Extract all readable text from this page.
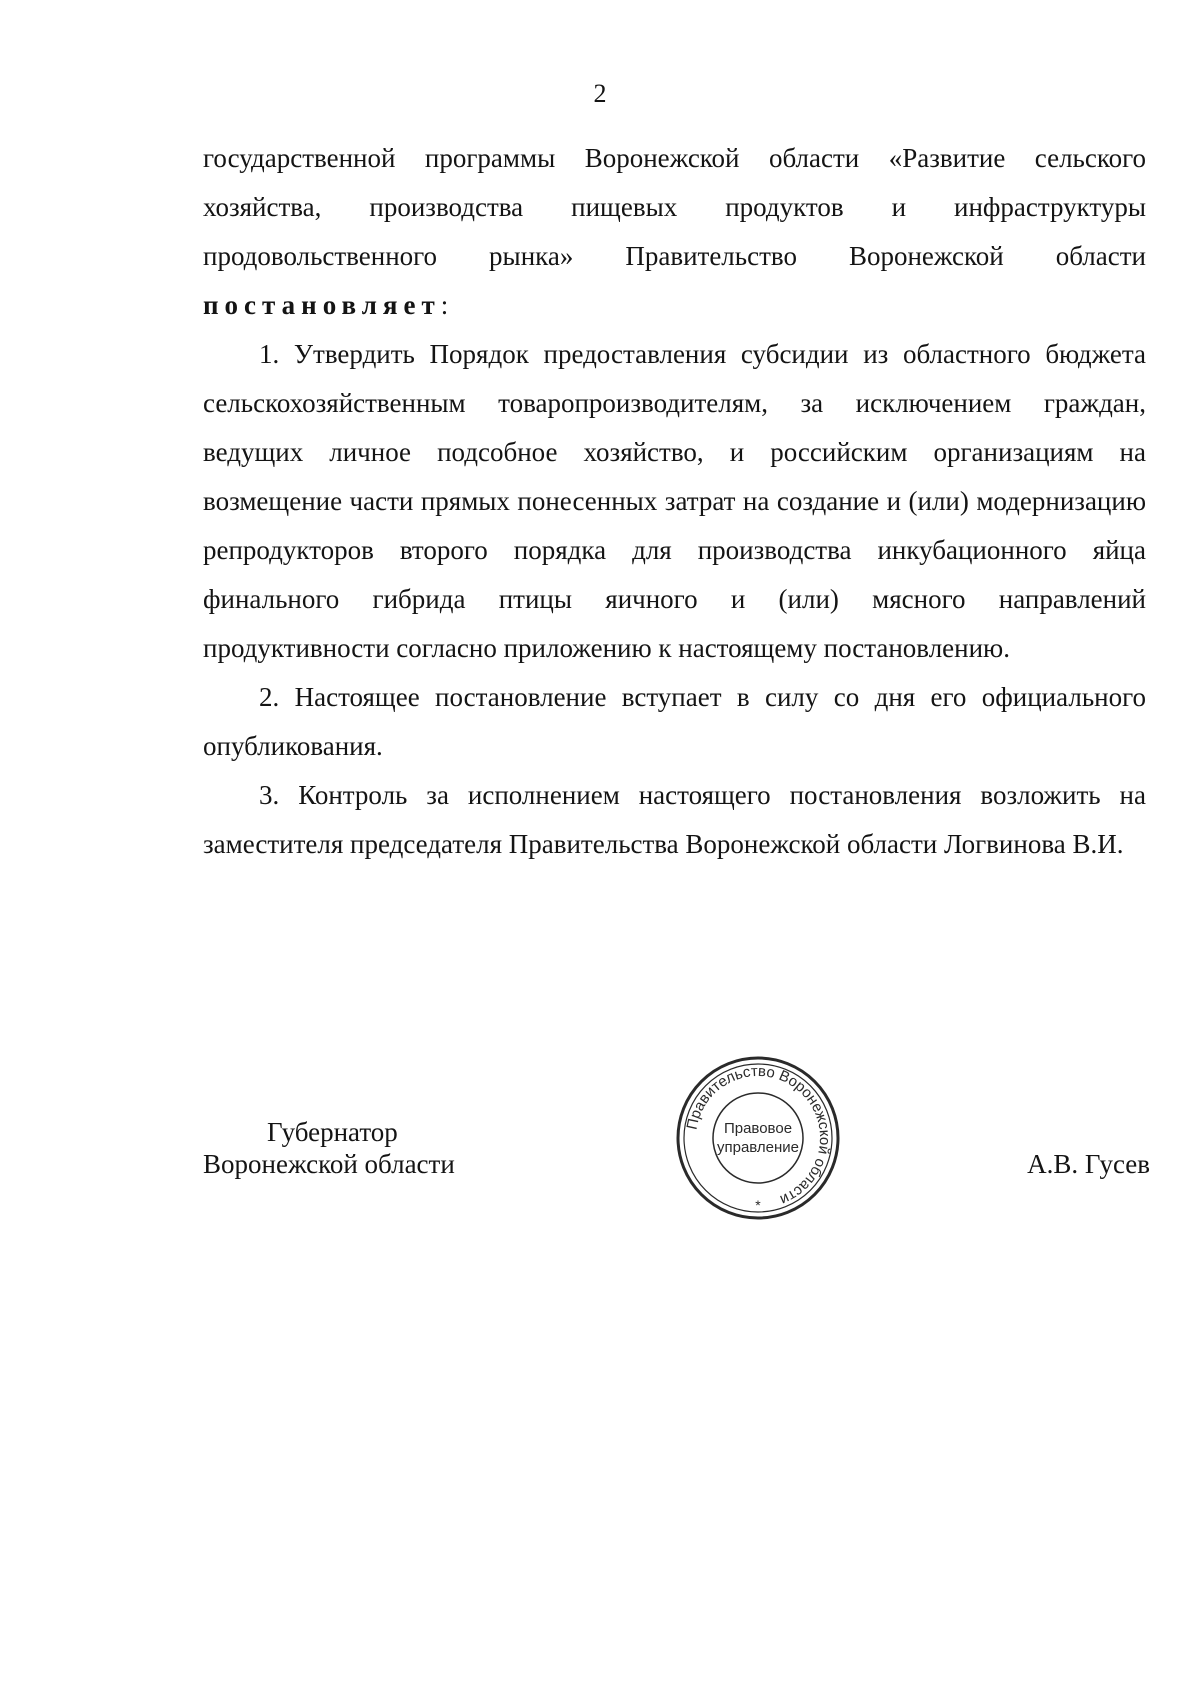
2

государственной программы Воронежской области «Развитие сельского
хозяйства, производства пищевых продуктов и инфраструктуры
продовольственного рынка» Правительство Воронежской области
постановляет:

1. Утвердить Порядок предоставления субсидии из областного бюджета сельскохозяйственным товаропроизводителям, за исключением граждан, ведущих личное подсобное хозяйство, и российским организациям на возмещение части прямых понесенных затрат на создание и (или) модернизацию репродукторов второго порядка для производства инкубационного яйца финального гибрида птицы яичного и (или) мясного направлений продуктивности согласно приложению к настоящему постановлению.

2. Настоящее постановление вступает в силу со дня его официального опубликования.

3. Контроль за исполнением настоящего постановления возложить на заместителя председателя Правительства Воронежской области Логвинова В.И.

Губернатор
Воронежской области
Правительство Воронежской области
Правовое
управление
*
А.В. Гусев
